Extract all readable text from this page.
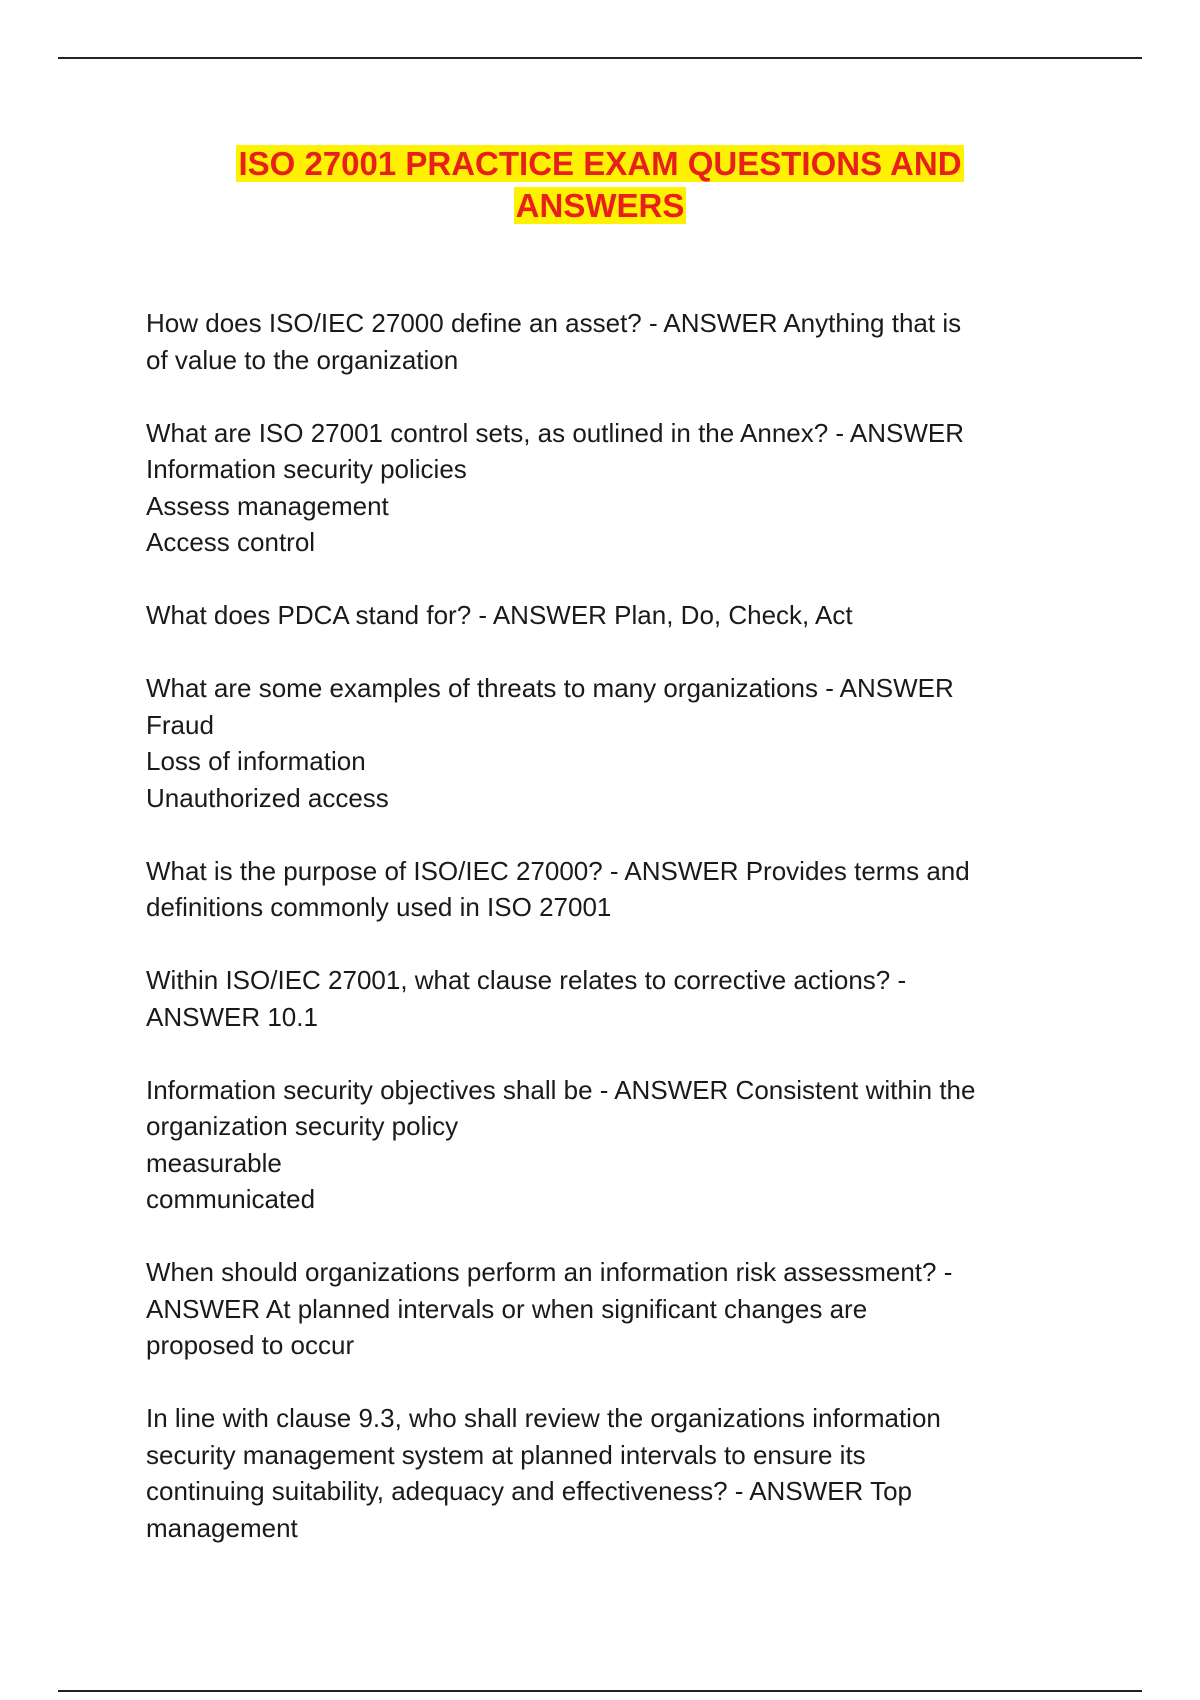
ISO 27001 PRACTICE EXAM QUESTIONS AND ANSWERS

How does ISO/IEC 27000 define an asset? - ANSWER Anything that is
of value to the organization

What are ISO 27001 control sets, as outlined in the Annex? - ANSWER
Information security policies
Assess management
Access control

What does PDCA stand for? - ANSWER Plan, Do, Check, Act

What are some examples of threats to many organizations - ANSWER
Fraud
Loss of information
Unauthorized access

What is the purpose of ISO/IEC 27000? - ANSWER Provides terms and
definitions commonly used in ISO 27001

Within ISO/IEC 27001, what clause relates to corrective actions? -
ANSWER 10.1

Information security objectives shall be - ANSWER Consistent within the
organization security policy
measurable
communicated

When should organizations perform an information risk assessment? -
ANSWER At planned intervals or when significant changes are
proposed to occur

In line with clause 9.3, who shall review the organizations information
security management system at planned intervals to ensure its
continuing suitability, adequacy and effectiveness? - ANSWER Top
management
